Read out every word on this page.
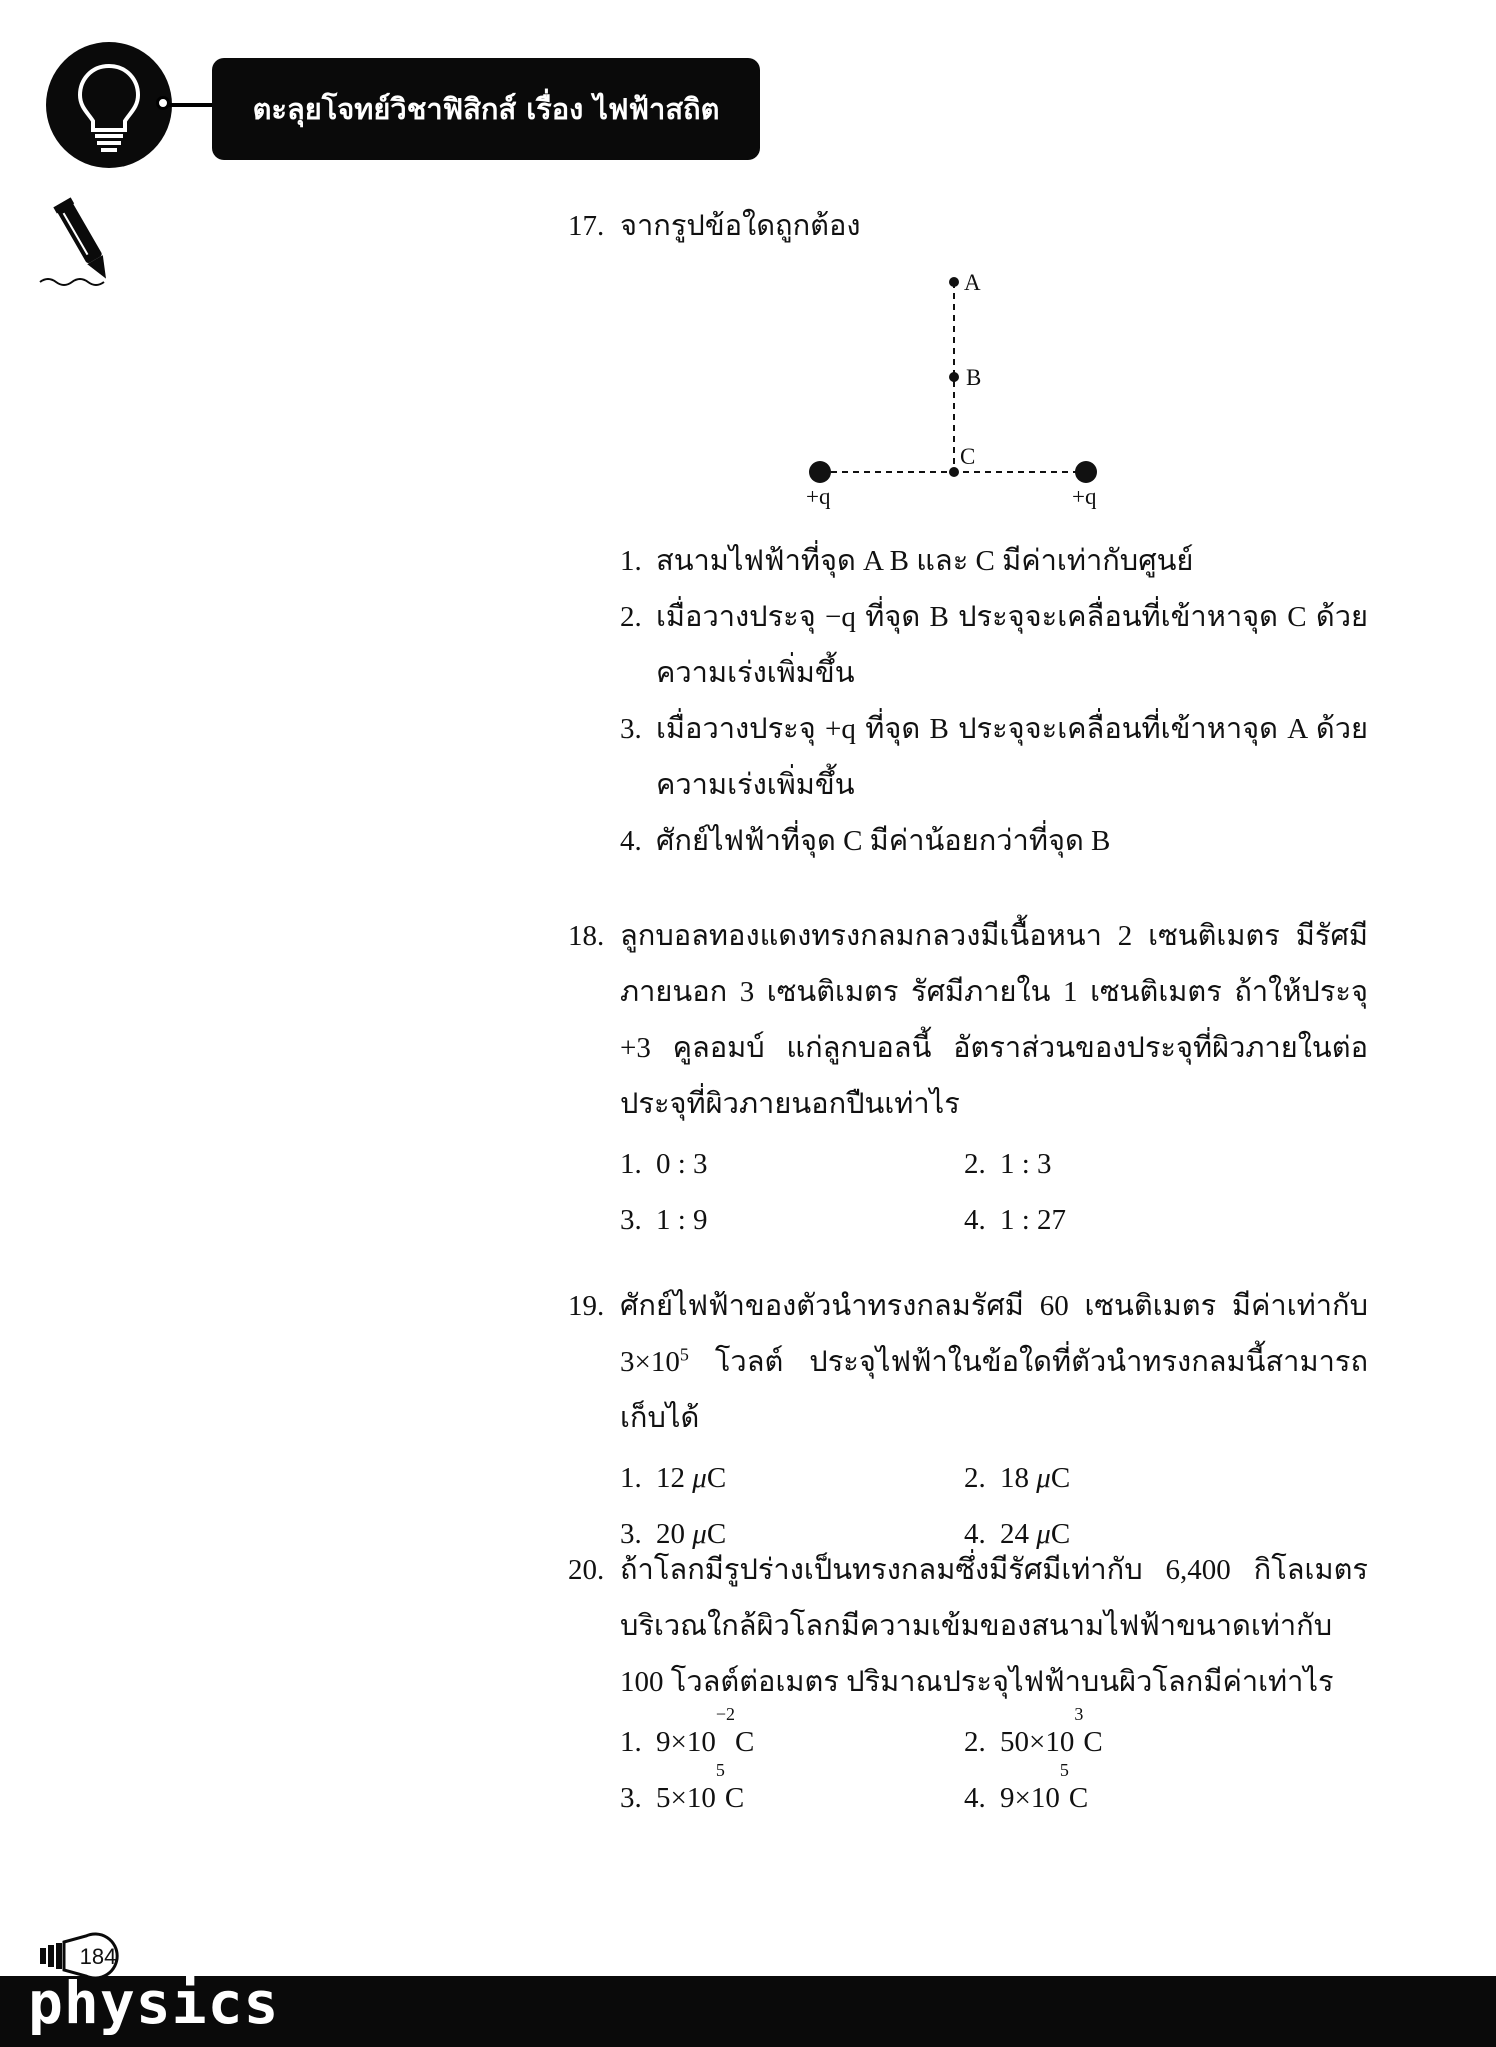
ตะลุยโจทย์วิชาฟิสิกส์ เรื่อง ไฟฟ้าสถิต
17. จากรูปข้อใดถูกต้อง
A
B
C
+q	+q
1. สนามไฟฟ้าที่จุด A B และ C มีค่าเท่ากับศูนย์
2. เมื่อวางประจุ −q ที่จุด B ประจุจะเคลื่อนที่เข้าหาจุด C ด้วยความเร่งเพิ่มขึ้น
3. เมื่อวางประจุ +q ที่จุด B ประจุจะเคลื่อนที่เข้าหาจุด A ด้วยความเร่งเพิ่มขึ้น
4. ศักย์ไฟฟ้าที่จุด C มีค่าน้อยกว่าที่จุด B
18. ลูกบอลทองแดงทรงกลมกลวงมีเนื้อหนา 2 เซนติเมตร มีรัศมีภายนอก 3 เซนติเมตร รัศมีภายใน 1 เซนติเมตร ถ้าให้ประจุ +3 คูลอมบ์ แก่ลูกบอลนี้ อัตราส่วนของประจุที่ผิวภายในต่อประจุที่ผิวภายนอกปืนเท่าไร
1. 0 : 3	2. 1 : 3
3. 1 : 9	4. 1 : 27
19. ศักย์ไฟฟ้าของตัวนำทรงกลมรัศมี 60 เซนติเมตร มีค่าเท่ากับ
$3\times 10^5$ โวลต์ ประจุไฟฟ้าในข้อใดที่ตัวนำทรงกลมนี้สามารถเก็บได้
1. 12
μ C	2. 18
μ C
3. 20
μ C	4. 24
μ C
20. ถ้าโลกมีรูปร่างเป็นทรงกลมซึ่งมีรัศมีเท่ากับ 6,400 กิโลเมตร บริเวณใกล้ผิวโลกมีความเข้มของสนามไฟฟ้าขนาดเท่ากับ 100 โวลต์ต่อเมตร ปริมาณประจุไฟฟ้าบนผิวโลกมีค่าเท่าไร
1. 9×10
−2
C	2. 50×10
3
C
3. 5×10
5
C	4. 9×10
5
C
184
physics
